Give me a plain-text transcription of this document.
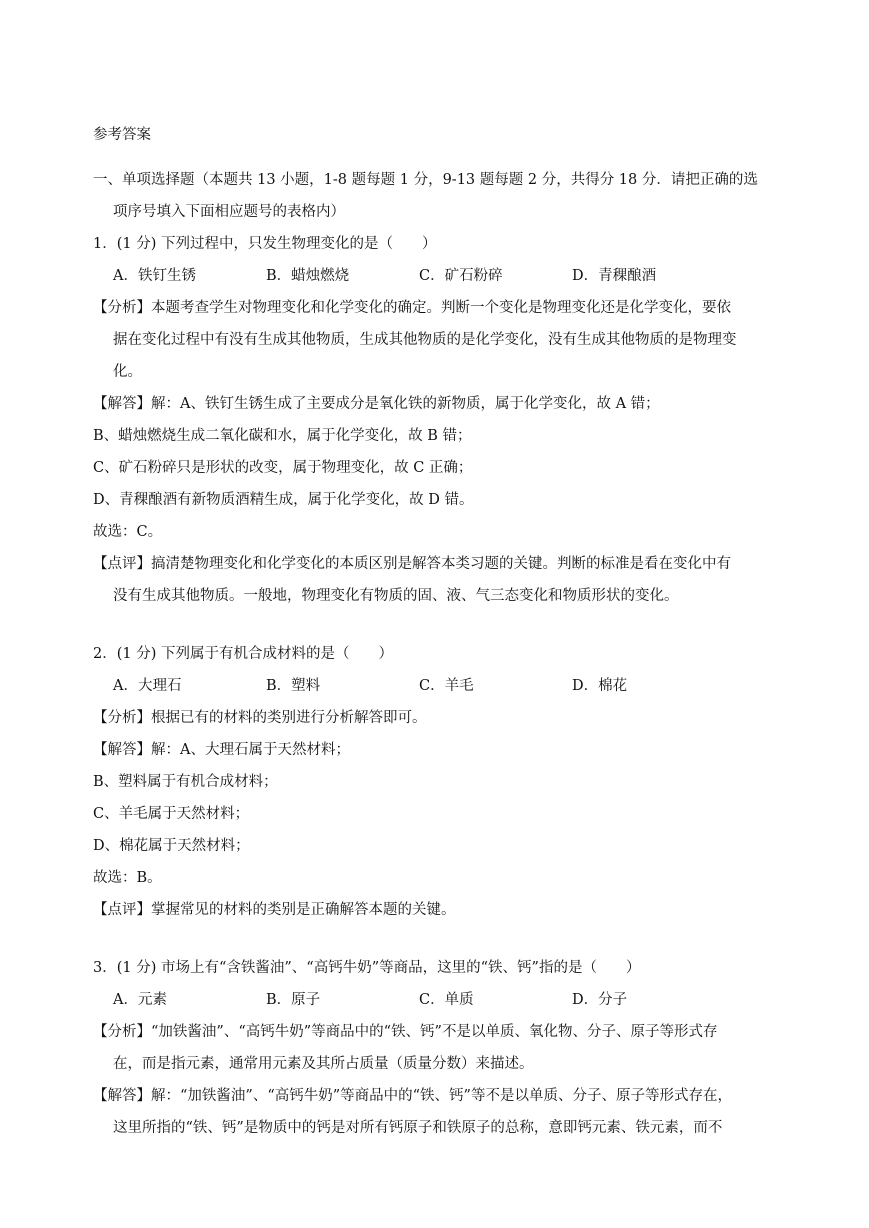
参考答案
一、单项选择题（本题共 13 小题，1-8 题每题 1 分，9-13 题每题 2 分，共得分 18 分．请把正确的选
项序号填入下面相应题号的表格内）
1．(1 分) 下列过程中，只发生物理变化的是（　　）
A．铁钉生锈	B．蜡烛燃烧	C．矿石粉碎	D．青稞酿酒
【分析】本题考查学生对物理变化和化学变化的确定。判断一个变化是物理变化还是化学变化，要依
据在变化过程中有没有生成其他物质，生成其他物质的是化学变化，没有生成其他物质的是物理变
化。
【解答】解：A、铁钉生锈生成了主要成分是氧化铁的新物质，属于化学变化，故 A 错；
B、蜡烛燃烧生成二氧化碳和水，属于化学变化，故 B 错；
C、矿石粉碎只是形状的改变，属于物理变化，故 C 正确；
D、青稞酿酒有新物质酒精生成，属于化学变化，故 D 错。
故选：C。
【点评】搞清楚物理变化和化学变化的本质区别是解答本类习题的关键。判断的标准是看在变化中有
没有生成其他物质。一般地，物理变化有物质的固、液、气三态变化和物质形状的变化。
2．(1 分) 下列属于有机合成材料的是（　　）
A．大理石	B．塑料	C．羊毛	D．棉花
【分析】根据已有的材料的类别进行分析解答即可。
【解答】解：A、大理石属于天然材料；
B、塑料属于有机合成材料；
C、羊毛属于天然材料；
D、棉花属于天然材料；
故选：B。
【点评】掌握常见的材料的类别是正确解答本题的关键。
3．(1 分) 市场上有“含铁酱油”、“高钙牛奶”等商品，这里的“铁、钙”指的是（　　）
A．元素	B．原子	C．单质	D．分子
【分析】“加铁酱油”、“高钙牛奶”等商品中的“铁、钙”不是以单质、氧化物、分子、原子等形式存
在，而是指元素，通常用元素及其所占质量（质量分数）来描述。
【解答】解：“加铁酱油”、“高钙牛奶”等商品中的“铁、钙”等不是以单质、分子、原子等形式存在，
这里所指的“铁、钙”是物质中的钙是对所有钙原子和铁原子的总称，意即钙元素、铁元素，而不
